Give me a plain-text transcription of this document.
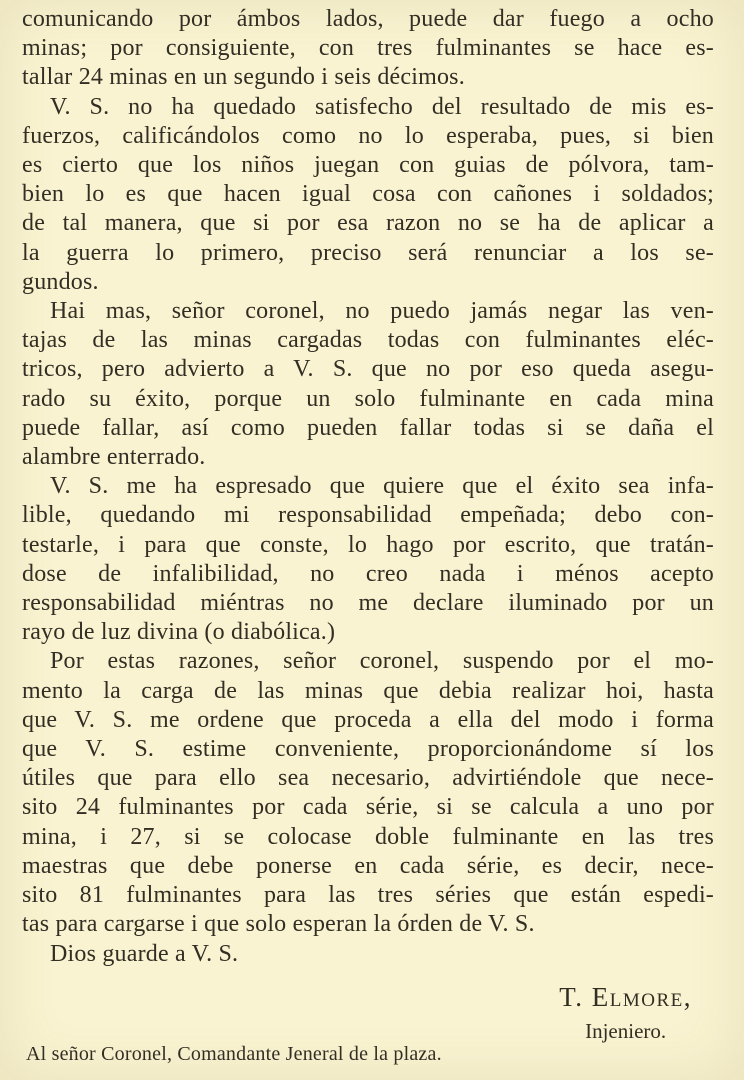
comunicando por ámbos lados, puede dar fuego a ocho
minas; por consiguiente, con tres fulminantes se hace es-
tallar 24 minas en un segundo i seis décimos.
V. S. no ha quedado satisfecho del resultado de mis es-
fuerzos, calificándolos como no lo esperaba, pues, si bien
es cierto que los niños juegan con guias de pólvora, tam-
bien lo es que hacen igual cosa con cañones i soldados;
de tal manera, que si por esa razon no se ha de aplicar a
la guerra lo primero, preciso será renunciar a los se-
gundos.
Hai mas, señor coronel, no puedo jamás negar las ven-
tajas de las minas cargadas todas con fulminantes eléc-
tricos, pero advierto a V. S. que no por eso queda asegu-
rado su éxito, porque un solo fulminante en cada mina
puede fallar, así como pueden fallar todas si se daña el
alambre enterrado.
V. S. me ha espresado que quiere que el éxito sea infa-
lible, quedando mi responsabilidad empeñada; debo con-
testarle, i para que conste, lo hago por escrito, que tratán-
dose de infalibilidad, no creo nada i ménos acepto
responsabilidad miéntras no me declare iluminado por un
rayo de luz divina (o diabólica.)
Por estas razones, señor coronel, suspendo por el mo-
mento la carga de las minas que debia realizar hoi, hasta
que V. S. me ordene que proceda a ella del modo i forma
que V. S. estime conveniente, proporcionándome sí los
útiles que para ello sea necesario, advirtiéndole que nece-
sito 24 fulminantes por cada série, si se calcula a uno por
mina, i 27, si se colocase doble fulminante en las tres
maestras que debe ponerse en cada série, es decir, nece-
sito 81 fulminantes para las tres séries que están espedi-
tas para cargarse i que solo esperan la órden de V. S.
Dios guarde a V. S.
T. Elmore,
Injeniero.
Al señor Coronel, Comandante Jeneral de la plaza.
